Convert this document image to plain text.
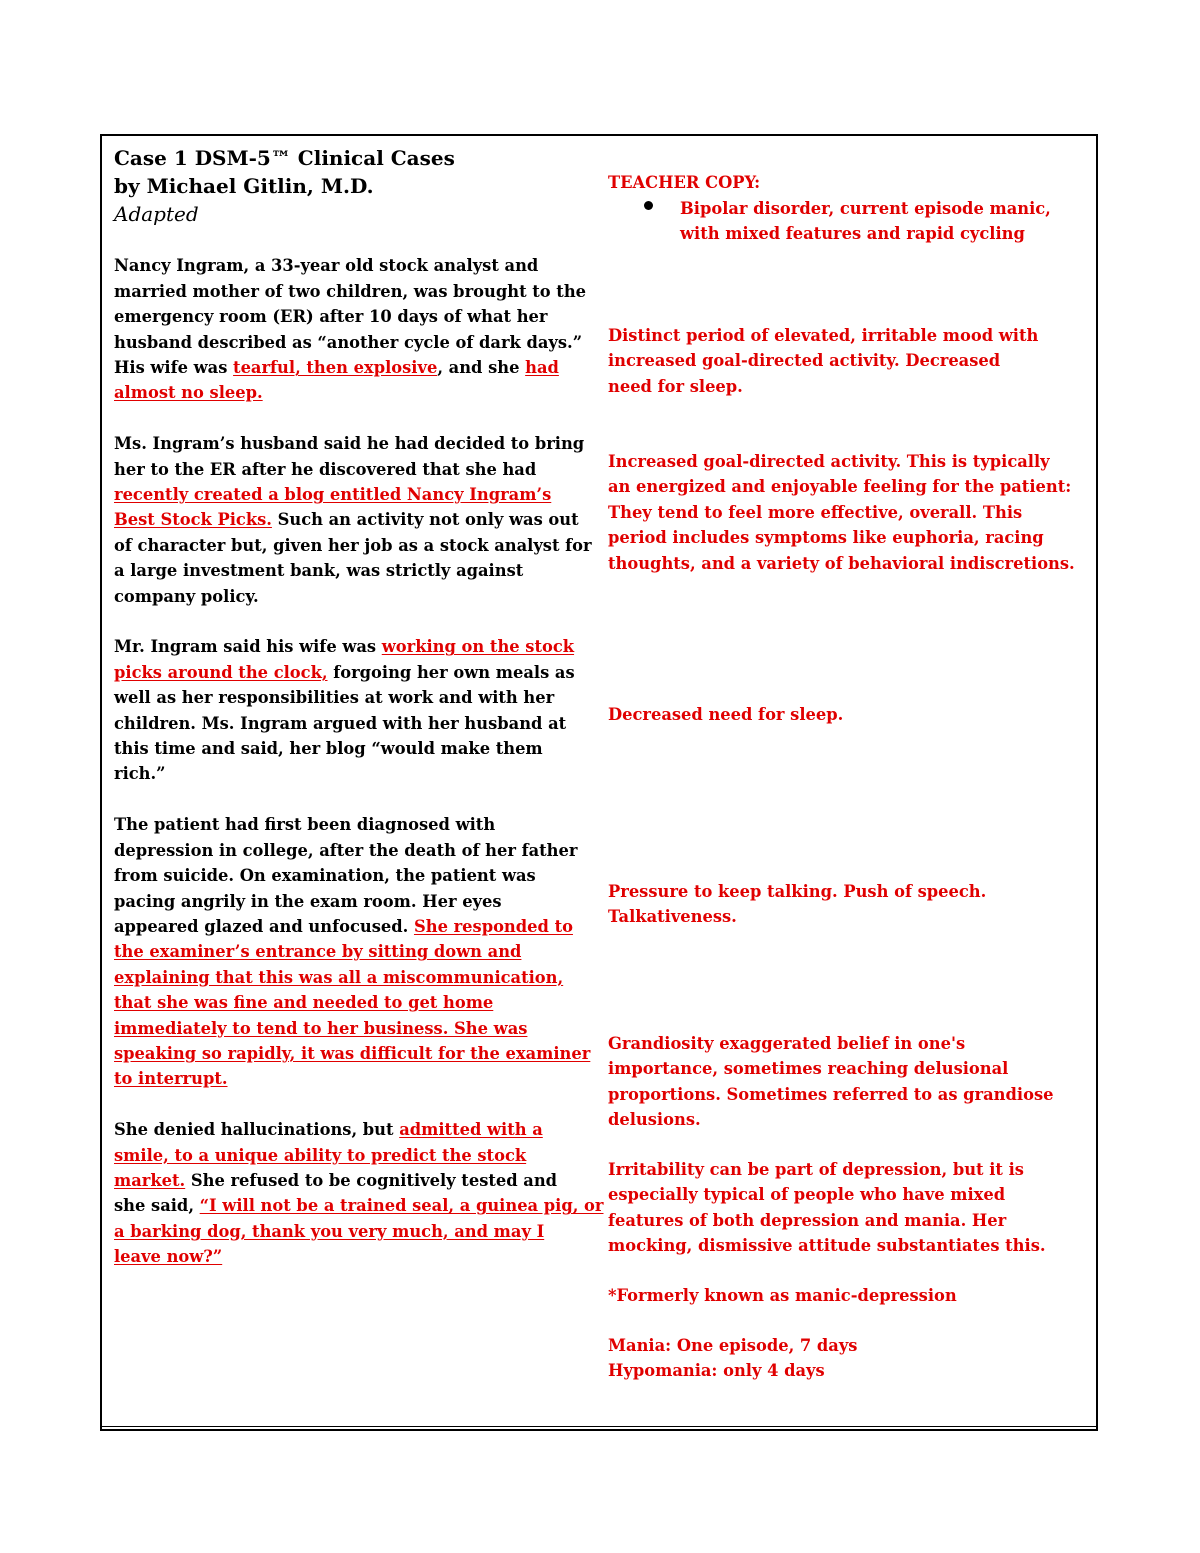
Case 1 DSM-5™ Clinical Cases
by Michael Gitlin, M.D.
Adapted
Nancy Ingram, a 33-year old stock analyst and
married mother of two children, was brought to the
emergency room (ER) after 10 days of what her
husband described as “another cycle of dark days.”
His wife was tearful, then explosive, and she had
almost no sleep.
Ms. Ingram’s husband said he had decided to bring
her to the ER after he discovered that she had
recently created a blog entitled Nancy Ingram’s
Best Stock Picks. Such an activity not only was out
of character but, given her job as a stock analyst for
a large investment bank, was strictly against
company policy.
Mr. Ingram said his wife was working on the stock
picks around the clock, forgoing her own meals as
well as her responsibilities at work and with her
children. Ms. Ingram argued with her husband at
this time and said, her blog “would make them
rich.”
The patient had first been diagnosed with
depression in college, after the death of her father
from suicide. On examination, the patient was
pacing angrily in the exam room. Her eyes
appeared glazed and unfocused. She responded to
the examiner’s entrance by sitting down and
explaining that this was all a miscommunication,
that she was fine and needed to get home
immediately to tend to her business. She was
speaking so rapidly, it was difficult for the examiner
to interrupt.
She denied hallucinations, but admitted with a
smile, to a unique ability to predict the stock
market. She refused to be cognitively tested and
she said, “I will not be a trained seal, a guinea pig, or
a barking dog, thank you very much, and may I
leave now?”
TEACHER COPY:
Bipolar disorder, current episode manic,
with mixed features and rapid cycling
Distinct period of elevated, irritable mood with
increased goal-directed activity. Decreased
need for sleep.
Increased goal-directed activity. This is typically
an energized and enjoyable feeling for the patient:
They tend to feel more effective, overall. This
period includes symptoms like euphoria, racing
thoughts, and a variety of behavioral indiscretions.
Decreased need for sleep.
Pressure to keep talking. Push of speech.
Talkativeness.
Grandiosity exaggerated belief in one's
importance, sometimes reaching delusional
proportions. Sometimes referred to as grandiose
delusions.
Irritability can be part of depression, but it is
especially typical of people who have mixed
features of both depression and mania. Her
mocking, dismissive attitude substantiates this.
*Formerly known as manic-depression
Mania: One episode, 7 days
Hypomania: only 4 days
